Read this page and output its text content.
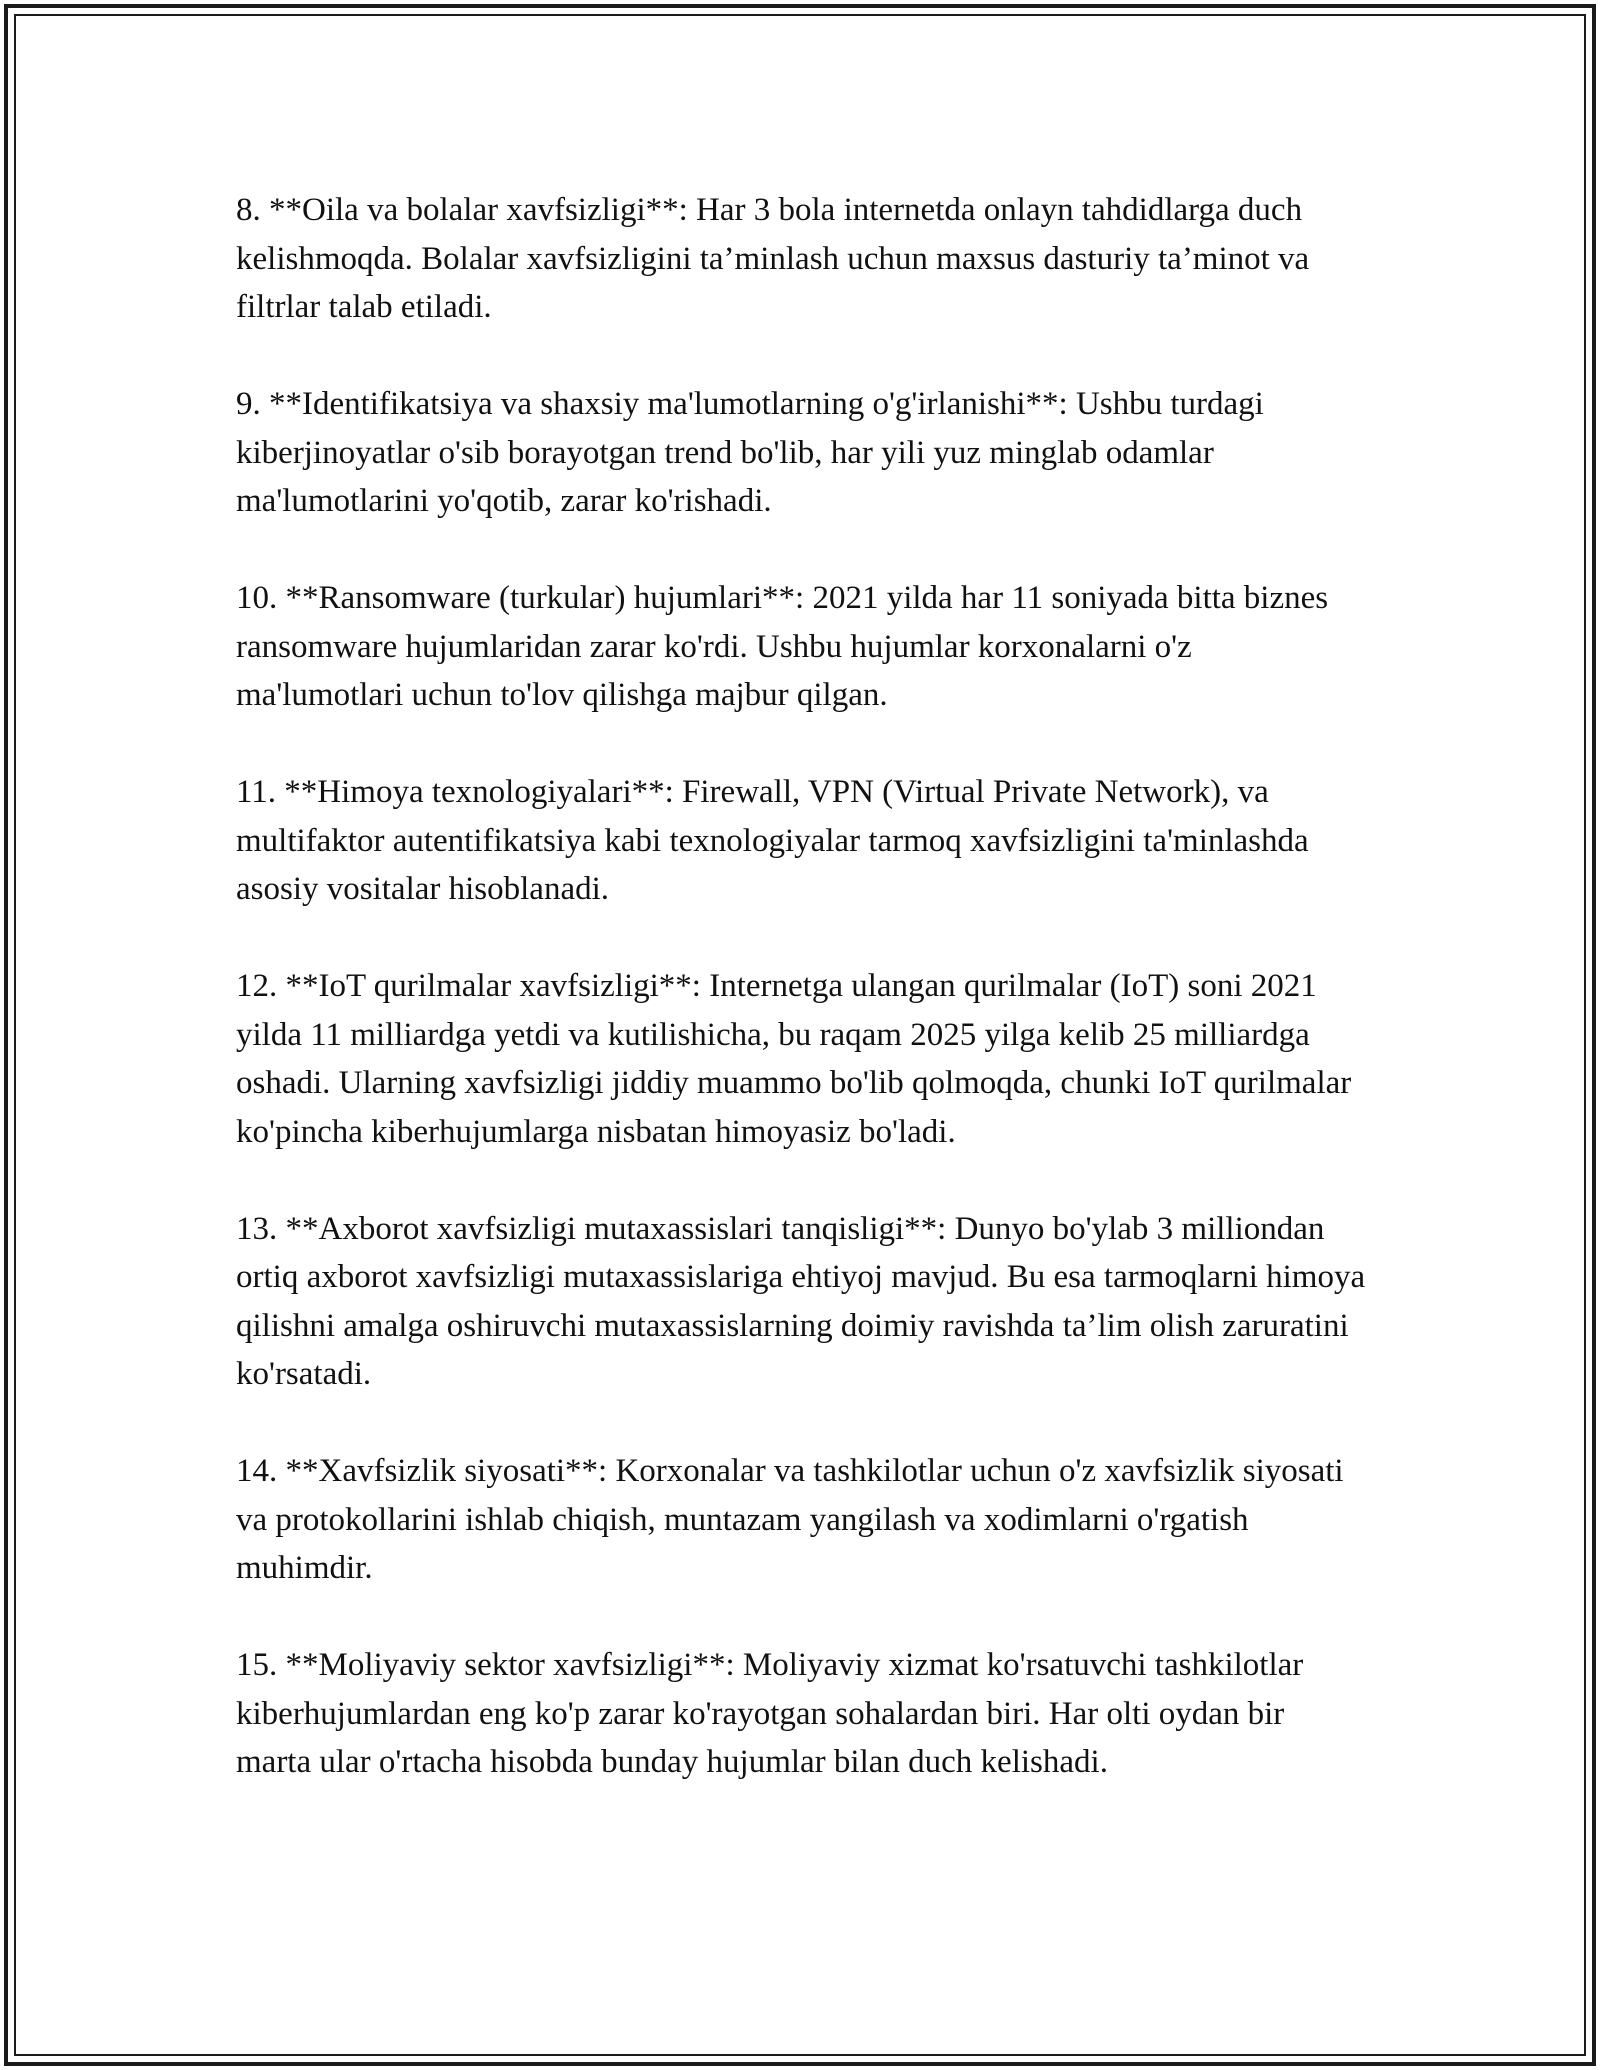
8. **Oila va bolalar xavfsizligi**: Har 3 bola internetda onlayn tahdidlarga duch kelishmoqda. Bolalar xavfsizligini ta’minlash uchun maxsus dasturiy ta’minot va filtrlar talab etiladi.

9. **Identifikatsiya va shaxsiy ma'lumotlarning o'g'irlanishi**: Ushbu turdagi kiberjinoyatlar o'sib borayotgan trend bo'lib, har yili yuz minglab odamlar ma'lumotlarini yo'qotib, zarar ko'rishadi.

10. **Ransomware (turkular) hujumlari**: 2021 yilda har 11 soniyada bitta biznes ransomware hujumlaridan zarar ko'rdi. Ushbu hujumlar korxonalarni o'z ma'lumotlari uchun to'lov qilishga majbur qilgan.

11. **Himoya texnologiyalari**: Firewall, VPN (Virtual Private Network), va multifaktor autentifikatsiya kabi texnologiyalar tarmoq xavfsizligini ta'minlashda asosiy vositalar hisoblanadi.

12. **IoT qurilmalar xavfsizligi**: Internetga ulangan qurilmalar (IoT) soni 2021 yilda 11 milliardga yetdi va kutilishicha, bu raqam 2025 yilga kelib 25 milliardga oshadi. Ularning xavfsizligi jiddiy muammo bo'lib qolmoqda, chunki IoT qurilmalar ko'pincha kiberhujumlarga nisbatan himoyasiz bo'ladi.

13. **Axborot xavfsizligi mutaxassislari tanqisligi**: Dunyo bo'ylab 3 milliondan ortiq axborot xavfsizligi mutaxassislariga ehtiyoj mavjud. Bu esa tarmoqlarni himoya qilishni amalga oshiruvchi mutaxassislarning doimiy ravishda ta’lim olish zaruratini ko'rsatadi.

14. **Xavfsizlik siyosati**: Korxonalar va tashkilotlar uchun o'z xavfsizlik siyosati va protokollarini ishlab chiqish, muntazam yangilash va xodimlarni o'rgatish muhimdir.

15. **Moliyaviy sektor xavfsizligi**: Moliyaviy xizmat ko'rsatuvchi tashkilotlar kiberhujumlardan eng ko'p zarar ko'rayotgan sohalardan biri. Har olti oydan bir marta ular o'rtacha hisobda bunday hujumlar bilan duch kelishadi.
